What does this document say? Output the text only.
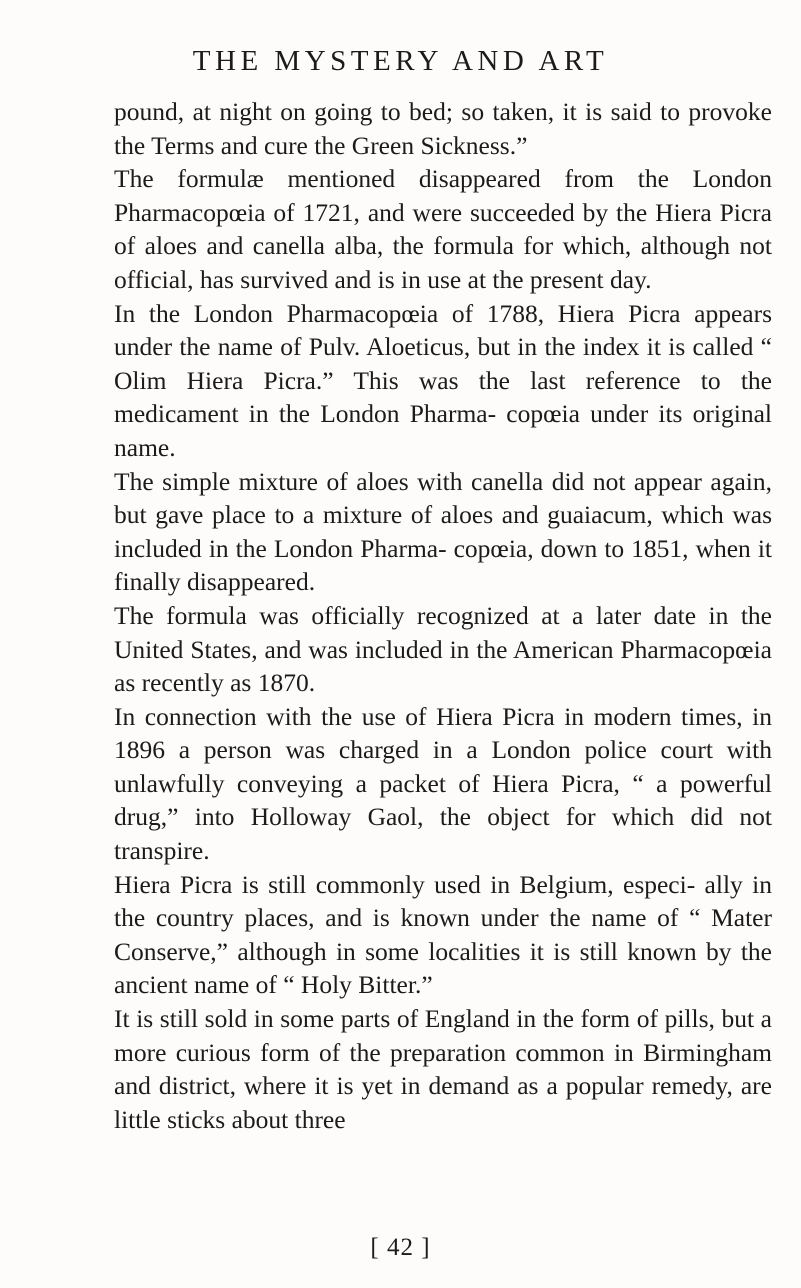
THE MYSTERY AND ART

pound, at night on going to bed; so taken, it is said to provoke the Terms and cure the Green Sickness.”

The formulæ mentioned disappeared from the London Pharmacopœia of 1721, and were succeeded by the Hiera Picra of aloes and canella alba, the formula for which, although not official, has survived and is in use at the present day.

In the London Pharmacopœia of 1788, Hiera Picra appears under the name of Pulv. Aloeticus, but in the index it is called “ Olim Hiera Picra.” This was the last reference to the medicament in the London Pharma- copœia under its original name.

The simple mixture of aloes with canella did not appear again, but gave place to a mixture of aloes and guaiacum, which was included in the London Pharma- copœia, down to 1851, when it finally disappeared.

The formula was officially recognized at a later date in the United States, and was included in the American Pharmacopœia as recently as 1870.

In connection with the use of Hiera Picra in modern times, in 1896 a person was charged in a London police court with unlawfully conveying a packet of Hiera Picra, “ a powerful drug,” into Holloway Gaol, the object for which did not transpire.

Hiera Picra is still commonly used in Belgium, especi- ally in the country places, and is known under the name of “ Mater Conserve,” although in some localities it is still known by the ancient name of “ Holy Bitter.”

It is still sold in some parts of England in the form of pills, but a more curious form of the preparation common in Birmingham and district, where it is yet in demand as a popular remedy, are little sticks about three

[ 42 ]
